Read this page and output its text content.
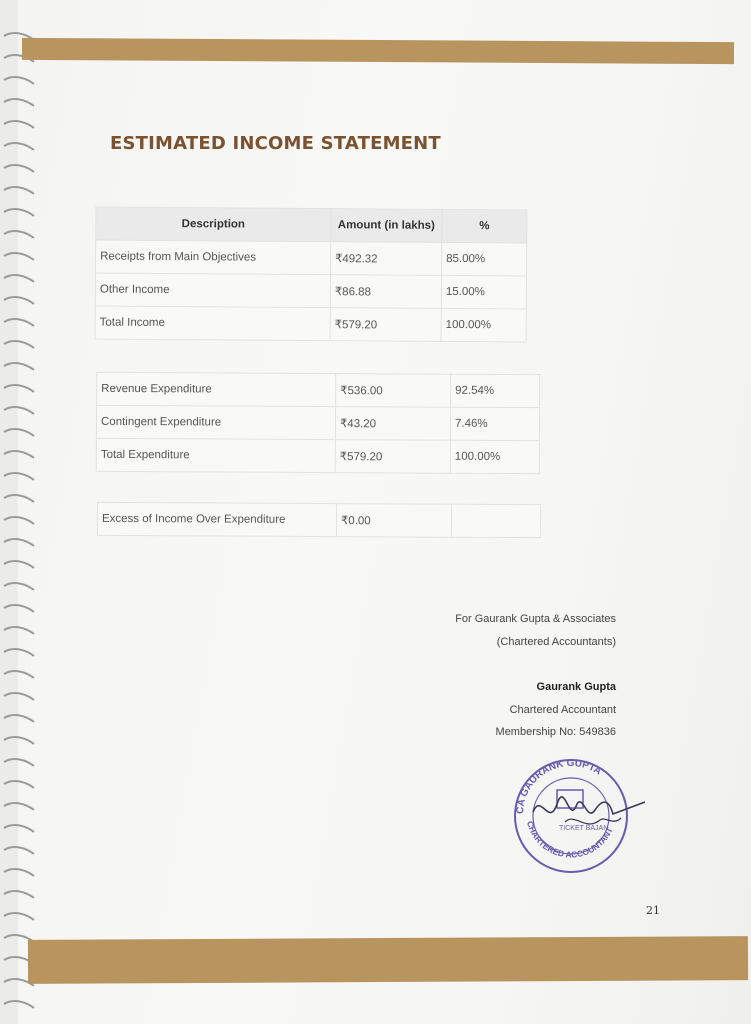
ESTIMATED INCOME STATEMENT
Description	Amount (in lakhs)	%
Receipts from Main Objectives	₹492.32	85.00%
Other Income	₹86.88	15.00%
Total Income	₹579.20	100.00%
Revenue Expenditure	₹536.00	92.54%
Contingent Expenditure	₹43.20	7.46%
Total Expenditure	₹579.20	100.00%
Excess of Income Over Expenditure	₹0.00	
For Gaurank Gupta & Associates
(Chartered Accountants)
Gaurank Gupta
Chartered Accountant
Membership No: 549836
CA GAURANK GUPTA
CHARTERED ACCOUNTANT
TICKET BAJAN
21
